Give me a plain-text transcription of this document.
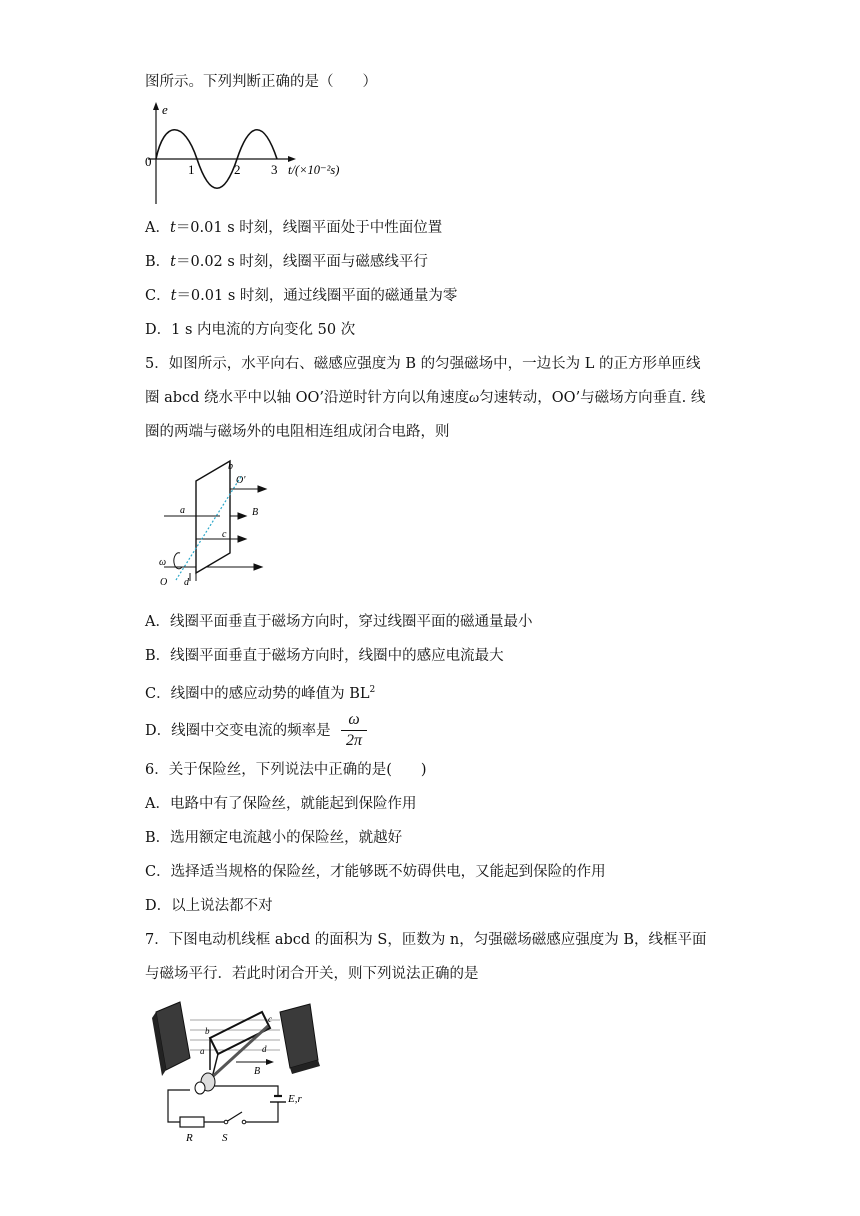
图所示。下列判断正确的是（　　）
e
0
1	2 3 t/(×10⁻²s)
A．t＝0.01 s 时刻，线圈平面处于中性面位置
B．t＝0.02 s 时刻，线圈平面与磁感线平行
C．t＝0.01 s 时刻，通过线圈平面的磁通量为零
D．1 s 内电流的方向变化 50 次
5．如图所示，水平向右、磁感应强度为 B 的匀强磁场中，一边长为 L 的正方形单匝线
圈 abcd 绕水平中以轴 OO’沿逆时针方向以角速度ω匀速转动，OO’与磁场方向垂直. 线
圈的两端与磁场外的电阻相连组成闭合电路，则
b
O'
a	B
c
ω
O d
A．线圈平面垂直于磁场方向时，穿过线圈平面的磁通量最小
B．线圈平面垂直于磁场方向时，线圈中的感应电流最大
C．线圈中的感应动势的峰值为 $BL^2$
D．线圈中交变电流的频率是
ω
2π
6．关于保险丝，下列说法中正确的是(　　)
A．电路中有了保险丝，就能起到保险作用
B．选用额定电流越小的保险丝，就越好
C．选择适当规格的保险丝，才能够既不妨碍供电，又能起到保险的作用
D．以上说法都不对
7．下图电动机线框 abcd 的面积为 S，匝数为 n，匀强磁场磁感应强度为 B，线框平面
与磁场平行．若此时闭合开关，则下列说法正确的是
b
c
a	d
B
E,r
R	S
